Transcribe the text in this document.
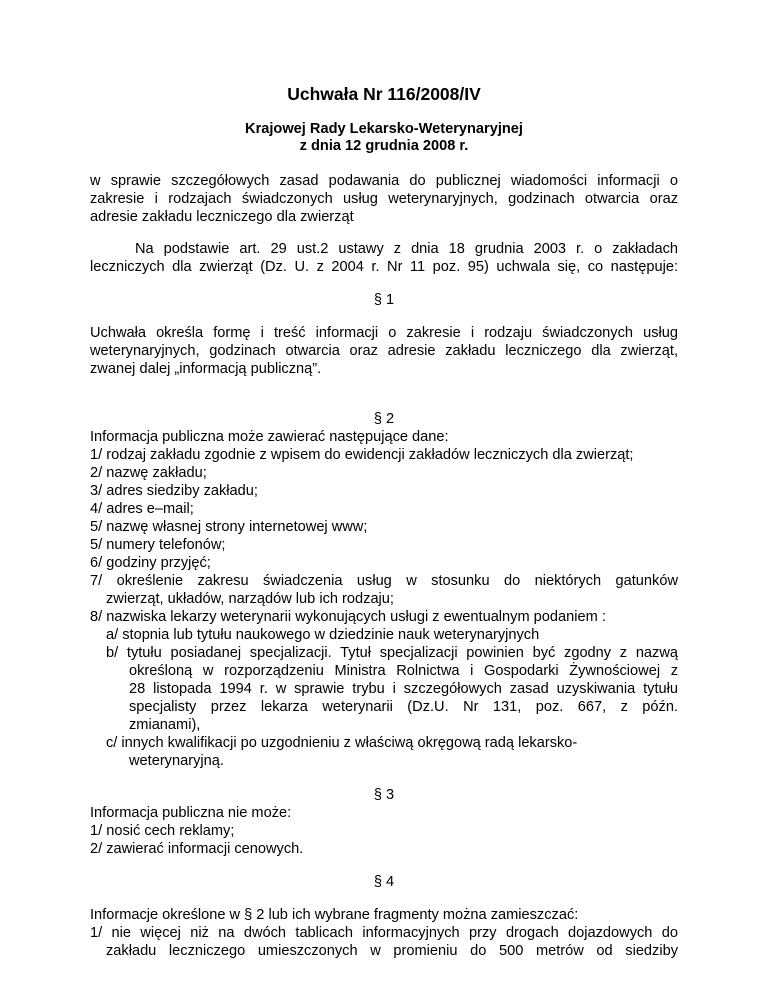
Uchwała Nr 116/2008/IV
Krajowej Rady Lekarsko-Weterynaryjnej
z dnia 12 grudnia 2008 r.
w sprawie szczegółowych zasad podawania do publicznej wiadomości informacji o
zakresie i rodzajach świadczonych usług weterynaryjnych, godzinach otwarcia oraz
adresie zakładu leczniczego dla zwierząt
Na podstawie art. 29 ust.2 ustawy z dnia 18 grudnia 2003 r. o zakładach
leczniczych dla zwierząt (Dz. U. z 2004 r. Nr 11 poz. 95) uchwala się, co następuje:
§ 1
Uchwała określa formę i treść informacji o zakresie i rodzaju świadczonych usług
weterynaryjnych, godzinach otwarcia oraz adresie zakładu leczniczego dla zwierząt,
zwanej dalej „informacją publiczną”.
§ 2
Informacja publiczna może zawierać następujące dane:
1/ rodzaj zakładu zgodnie z wpisem do ewidencji zakładów leczniczych dla zwierząt;
2/ nazwę zakładu;
3/ adres siedziby zakładu;
4/ adres e–mail;
5/ nazwę własnej strony internetowej www;
5/ numery telefonów;
6/ godziny przyjęć;
7/ określenie zakresu świadczenia usług w stosunku do niektórych gatunków
zwierząt, układów, narządów lub ich rodzaju;
8/ nazwiska lekarzy weterynarii wykonujących usługi z ewentualnym podaniem :
a/ stopnia lub tytułu naukowego w dziedzinie nauk weterynaryjnych
b/ tytułu posiadanej specjalizacji. Tytuł specjalizacji powinien być zgodny z nazwą
określoną w rozporządzeniu Ministra Rolnictwa i Gospodarki Żywnościowej z
28 listopada 1994 r. w sprawie trybu i szczegółowych zasad uzyskiwania tytułu
specjalisty przez lekarza weterynarii (Dz.U. Nr 131, poz. 667, z późn.
zmianami),
c/ innych kwalifikacji po uzgodnieniu z właściwą okręgową radą lekarsko-
weterynaryjną.
§ 3
Informacja publiczna nie może:
1/ nosić cech reklamy;
2/ zawierać informacji cenowych.
§ 4
Informacje określone w § 2 lub ich wybrane fragmenty można zamieszczać:
1/ nie więcej niż na dwóch tablicach informacyjnych przy drogach dojazdowych do
zakładu leczniczego umieszczonych w promieniu do 500 metrów od siedziby
